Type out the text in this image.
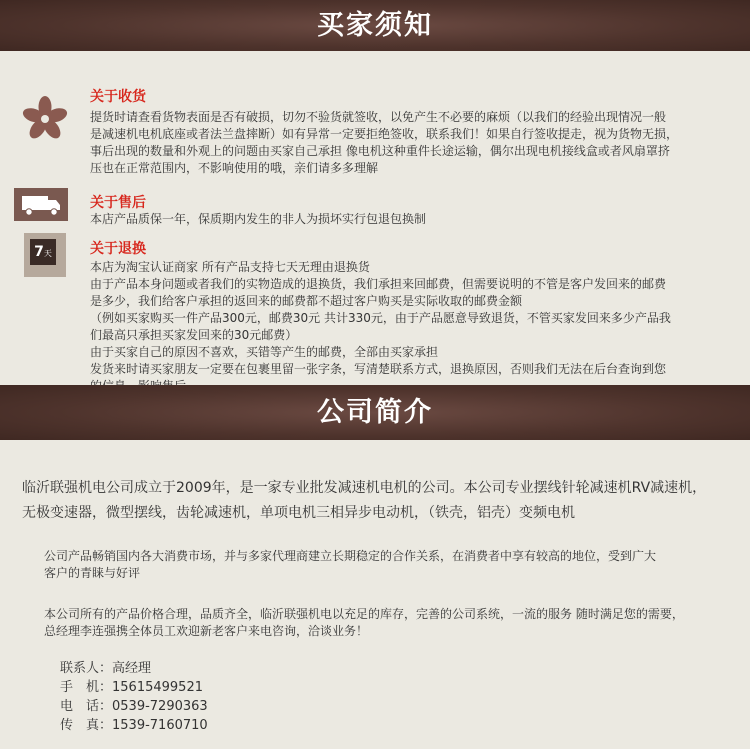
买家须知
关于收货
提货时请查看货物表面是否有破损，切勿不验货就签收，以免产生不必要的麻烦（以我们的经验出现情况一般
是减速机电机底座或者法兰盘摔断）如有异常一定要拒绝签收，联系我们！如果自行签收提走，视为货物无损，
事后出现的数量和外观上的问题由买家自己承担 像电机这种重件长途运输，偶尔出现电机接线盒或者风扇罩挤
压也在正常范围内，不影响使用的哦，亲们请多多理解
关于售后
本店产品质保一年，保质期内发生的非人为损坏实行包退包换制
7天	关于退换
本店为淘宝认证商家 所有产品支持七天无理由退换货
由于产品本身问题或者我们的实物造成的退换货，我们承担来回邮费，但需要说明的不管是客户发回来的邮费
是多少，我们给客户承担的返回来的邮费都不超过客户购买是实际收取的邮费金额
（例如买家购买一件产品300元，邮费30元 共计330元，由于产品愿意导致退货，不管买家发回来多少产品我
们最高只承担买家发回来的30元邮费）
由于买家自己的原因不喜欢，买错等产生的邮费，全部由买家承担
发货来时请买家朋友一定要在包裹里留一张字条，写清楚联系方式，退换原因，否则我们无法在后台查询到您
公司简介
临沂联强机电公司成立于2009年，是一家专业批发减速机电机的公司。本公司专业摆线针轮减速机RV减速机，
无极变速器，微型摆线，齿轮减速机，单项电机三相异步电动机，（铁壳，铝壳）变频电机
公司产品畅销国内各大消费市场，并与多家代理商建立长期稳定的合作关系，在消费者中享有较高的地位，受到广大
客户的青睐与好评
本公司所有的产品价格合理，品质齐全，临沂联强机电以充足的库存，完善的公司系统，一流的服务 随时满足您的需要，
总经理李连强携全体员工欢迎新老客户来电咨询，洽谈业务！
联系人：高经理
手　机：15615499521
电　话：0539-7290363
传　真：1539-7160710
